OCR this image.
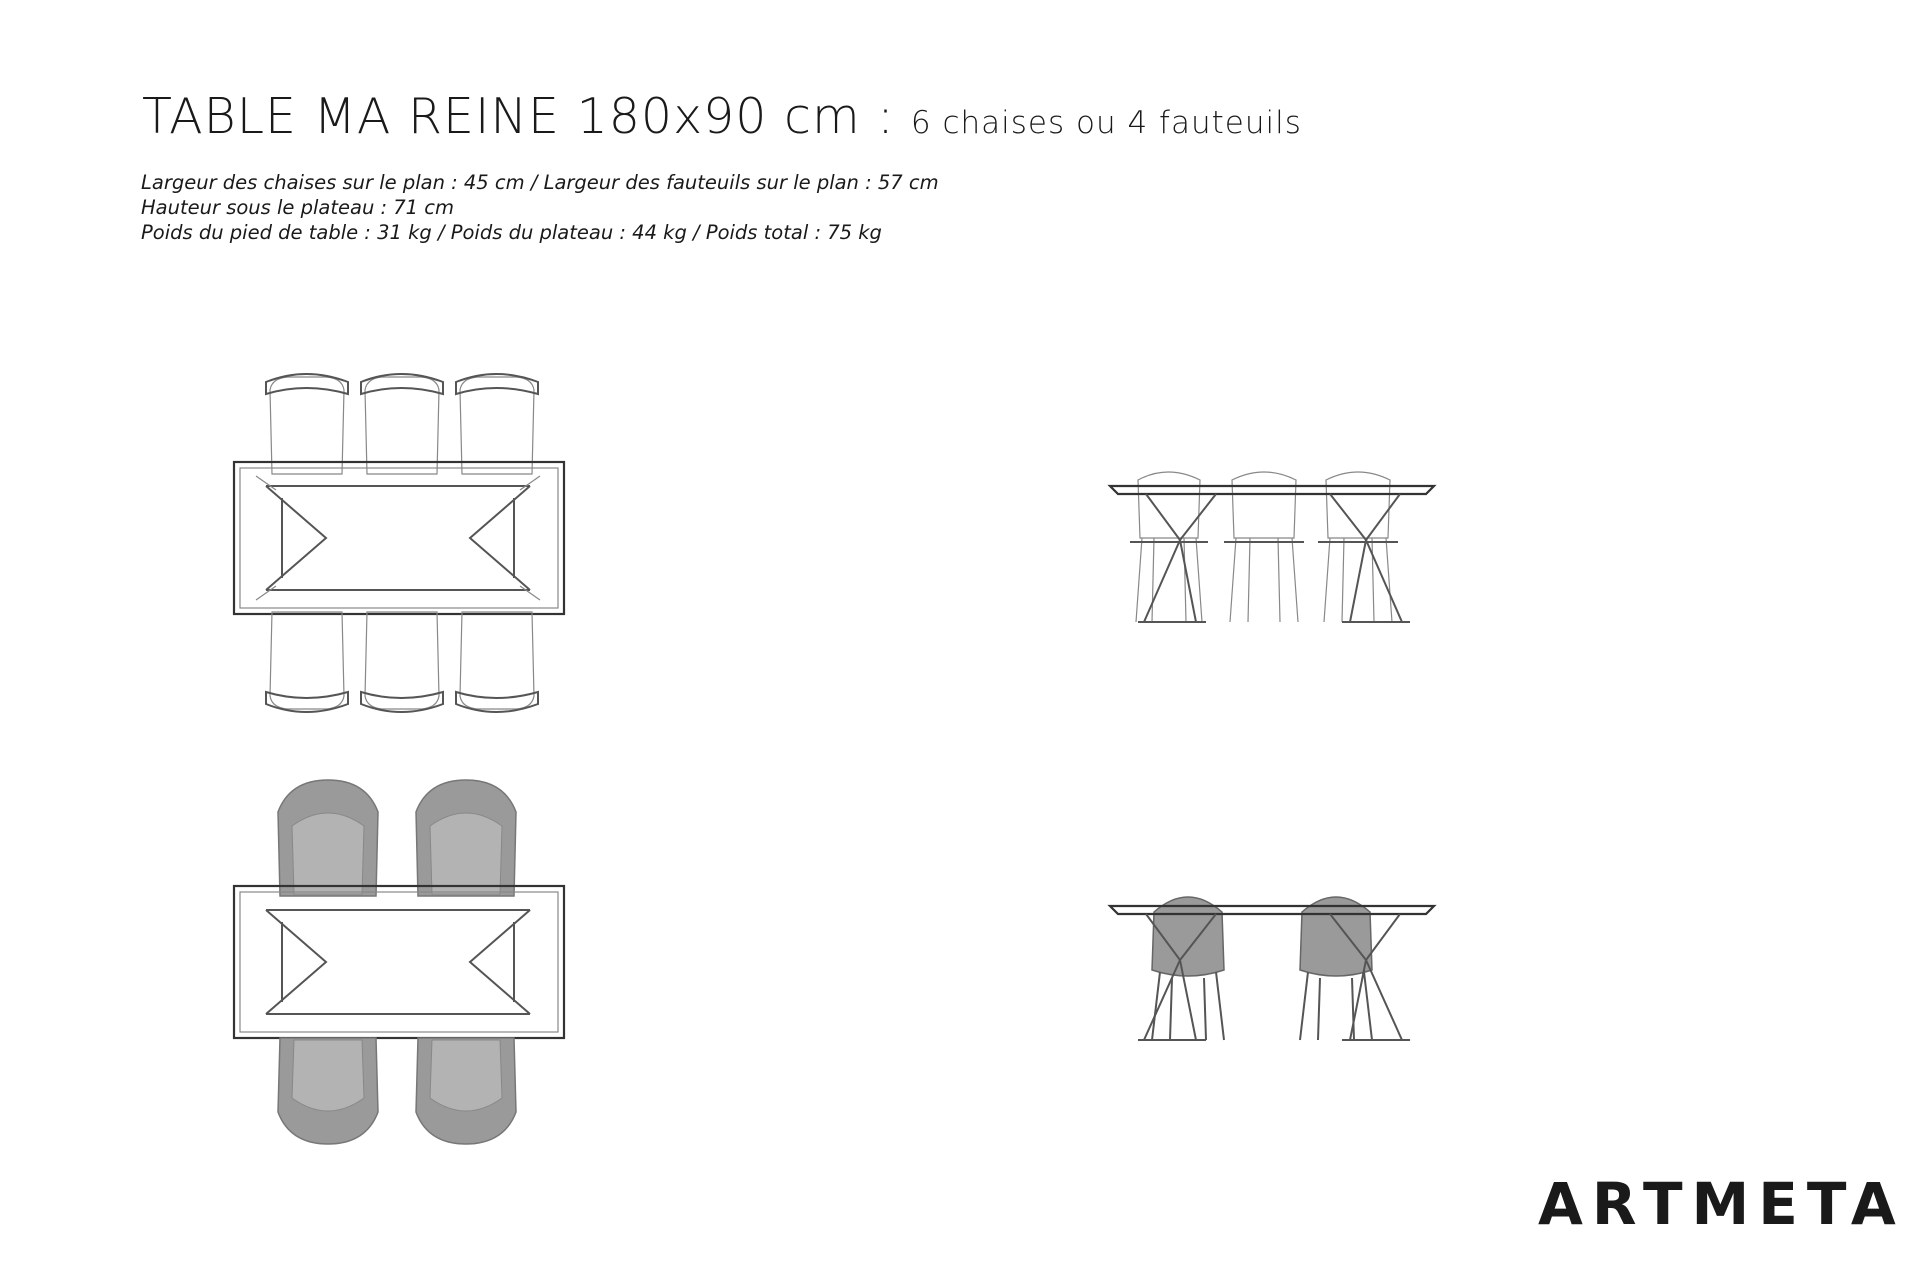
TABLE MA REINE 180x90 cm : 6 chaises ou 4 fauteuils
Largeur des chaises sur le plan : 45 cm / Largeur des fauteuils sur le plan : 57 cm
Hauteur sous le plateau : 71 cm
Poids du pied de table : 31 kg / Poids du plateau : 44 kg / Poids total : 75 kg
ARTMETA
